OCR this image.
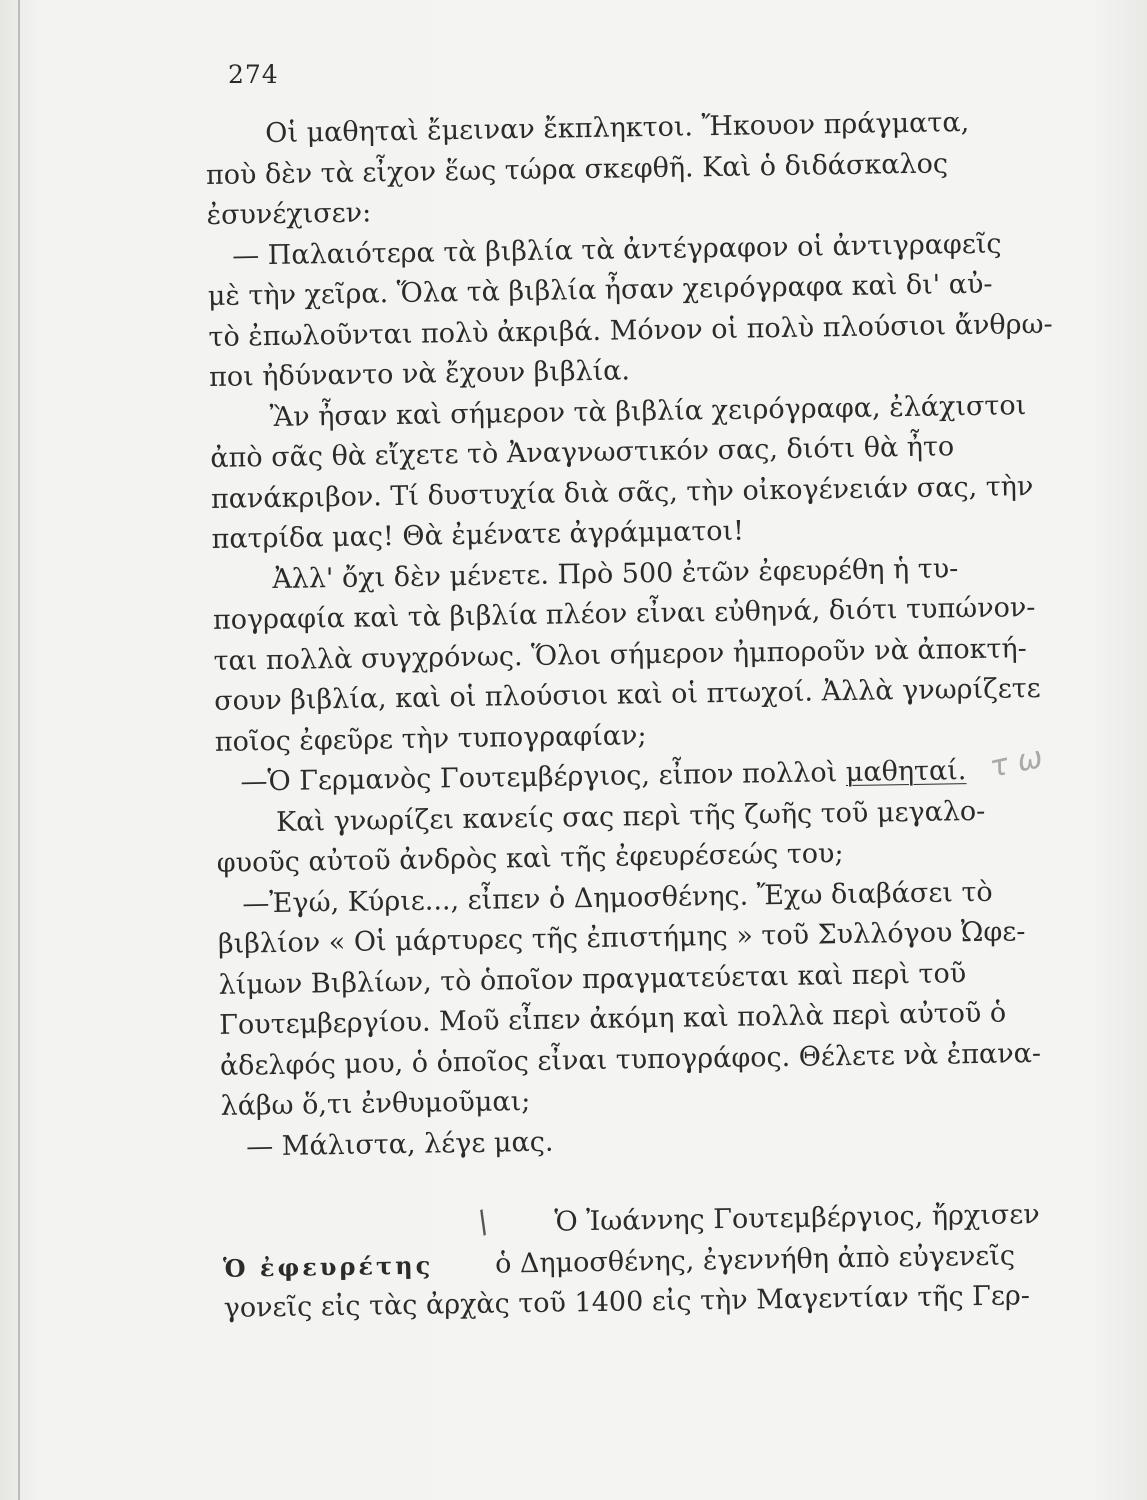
274
Οἱ μαθηταὶ ἔμειναν ἔκπληκτοι. Ἤκουον πράγματα,
ποὺ δὲν τὰ εἶχον ἕως τώρα σκεφθῆ. Καὶ ὁ διδάσκαλος
ἐσυνέχισεν:
— Παλαιότερα τὰ βιβλία τὰ ἀντέγραφον οἱ ἀντιγραφεῖς
μὲ τὴν χεῖρα. Ὅλα τὰ βιβλία ἦσαν χειρόγραφα καὶ δι' αὐ-
τὸ ἐπωλοῦνται πολὺ ἀκριβά. Μόνον οἱ πολὺ πλούσιοι ἄνθρω-
ποι ἠδύναντο νὰ ἔχουν βιβλία.
Ἂν ἦσαν καὶ σήμερον τὰ βιβλία χειρόγραφα, ἐλάχιστοι
ἀπὸ σᾶς θὰ εἴχετε τὸ Ἀναγνωστικόν σας, διότι θὰ ἦτο
πανάκριβον. Τί δυστυχία διὰ σᾶς, τὴν οἰκογένειάν σας, τὴν
πατρίδα μας! Θὰ ἐμένατε ἀγράμματοι!
Ἀλλ' ὄχι δὲν μένετε. Πρὸ 500 ἐτῶν ἐφευρέθη ἡ τυ-
πογραφία καὶ τὰ βιβλία πλέον εἶναι εὐθηνά, διότι τυπώνον-
ται πολλὰ συγχρόνως. Ὅλοι σήμερον ἠμποροῦν νὰ ἀποκτή-
σουν βιβλία, καὶ οἱ πλούσιοι καὶ οἱ πτωχοί. Ἀλλὰ γνωρίζετε
ποῖος ἐφεῦρε τὴν τυπογραφίαν;
—Ὁ Γερμανὸς Γουτεμβέργιος, εἶπον πολλοὶ μαθηταί.
Καὶ γνωρίζει κανείς σας περὶ τῆς ζωῆς τοῦ μεγαλο-
φυοῦς αὐτοῦ ἀνδρὸς καὶ τῆς ἐφευρέσεώς του;
—Ἐγώ, Κύριε..., εἶπεν ὁ Δημοσθένης. Ἔχω διαβάσει τὸ
βιβλίον « Οἱ μάρτυρες τῆς ἐπιστήμης » τοῦ Συλλόγου Ὠφε-
λίμων Βιβλίων, τὸ ὁποῖον πραγματεύεται καὶ περὶ τοῦ
Γουτεμβεργίου. Μοῦ εἶπεν ἀκόμη καὶ πολλὰ περὶ αὐτοῦ ὁ
ἀδελφός μου, ὁ ὁποῖος εἶναι τυπογράφος. Θέλετε νὰ ἐπανα-
λάβω ὅ,τι ἐνθυμοῦμαι;
— Μάλιστα, λέγε μας.
Ὁ Ἰωάννης Γουτεμβέργιος, ἤρχισεν
Ὁ ἐφευρέτης ὁ Δημοσθένης, ἐγεννήθη ἀπὸ εὐγενεῖς
γονεῖς εἰς τὰς ἀρχὰς τοῦ 1400 εἰς τὴν Μαγεντίαν τῆς Γερ-
τ ω
/
